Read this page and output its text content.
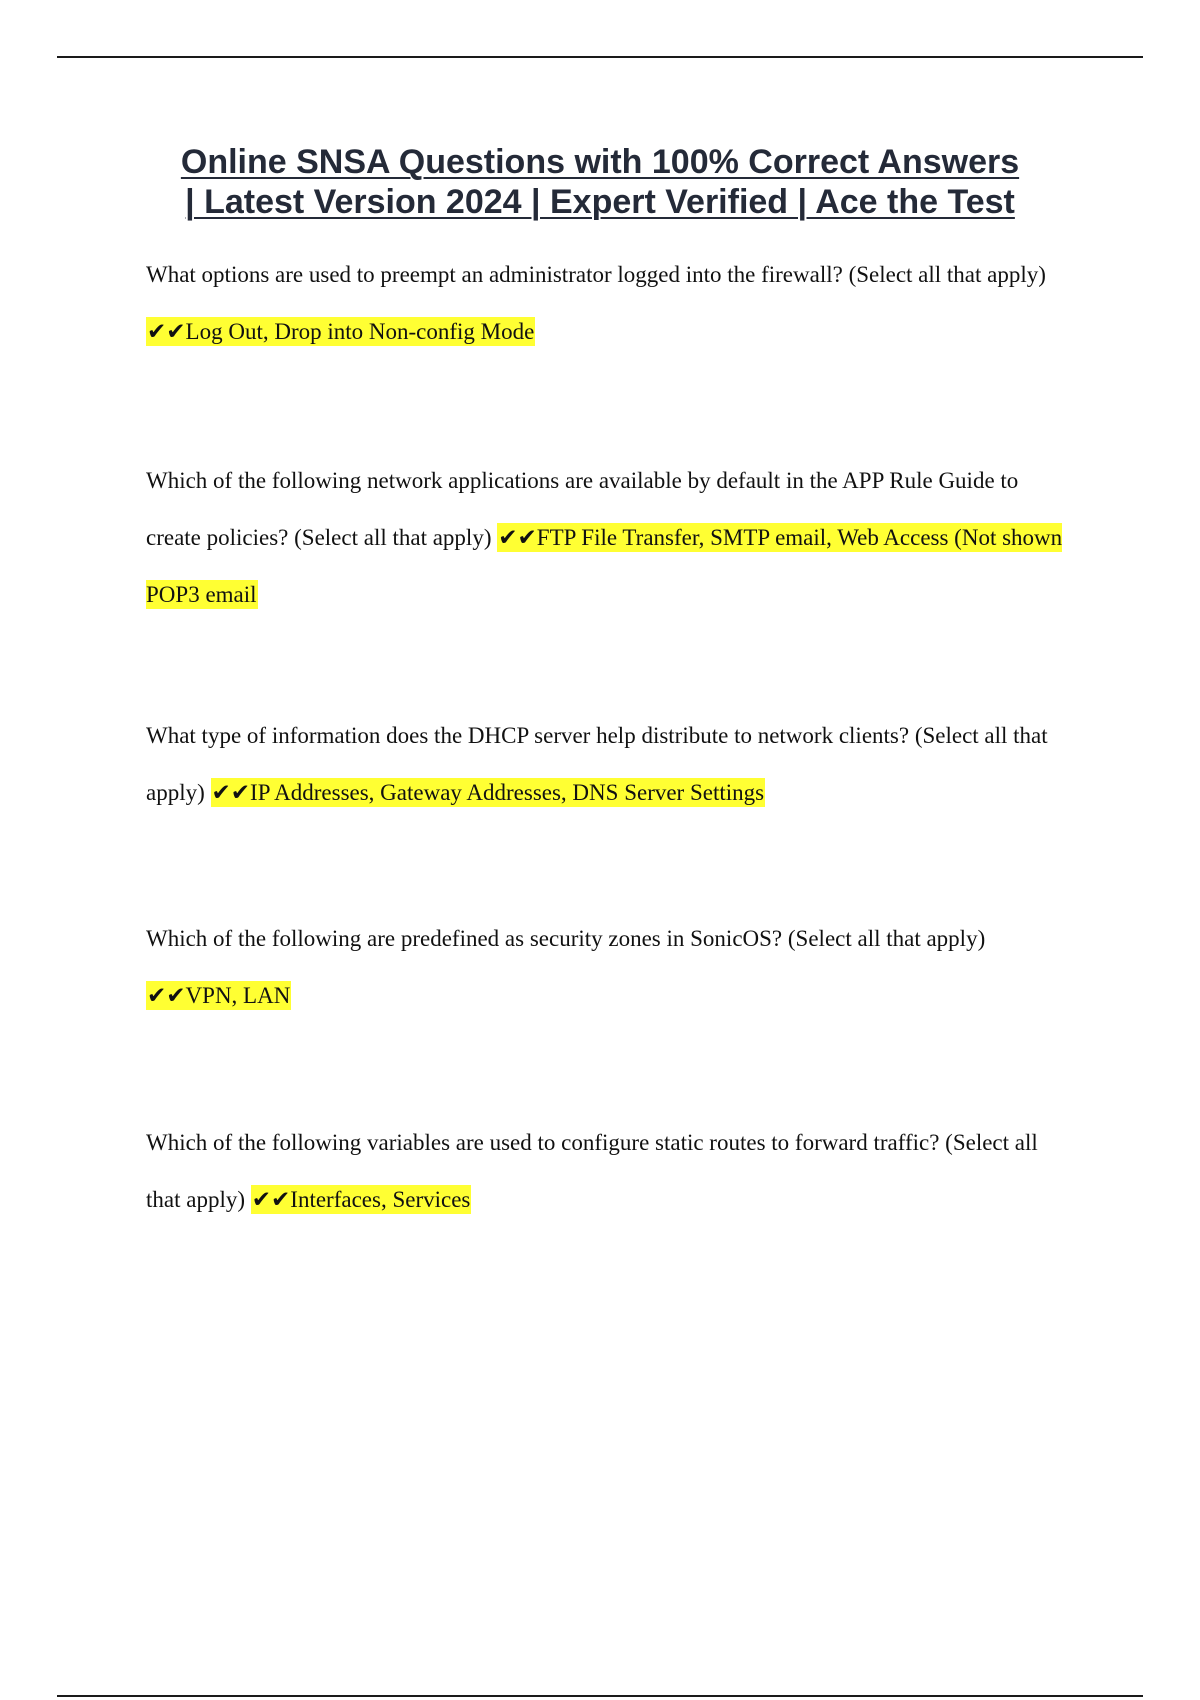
Online SNSA Questions with 100% Correct Answers
| Latest Version 2024 | Expert Verified | Ace the Test

What options are used to preempt an administrator logged into the firewall? (Select all that apply) ✔✔Log Out, Drop into Non-config Mode

Which of the following network applications are available by default in the APP Rule Guide to create policies? (Select all that apply) ✔✔FTP File Transfer, SMTP email, Web Access (Not shown POP3 email

What type of information does the DHCP server help distribute to network clients? (Select all that apply) ✔✔IP Addresses, Gateway Addresses, DNS Server Settings

Which of the following are predefined as security zones in SonicOS? (Select all that apply) ✔✔VPN, LAN

Which of the following variables are used to configure static routes to forward traffic? (Select all that apply) ✔✔Interfaces, Services
